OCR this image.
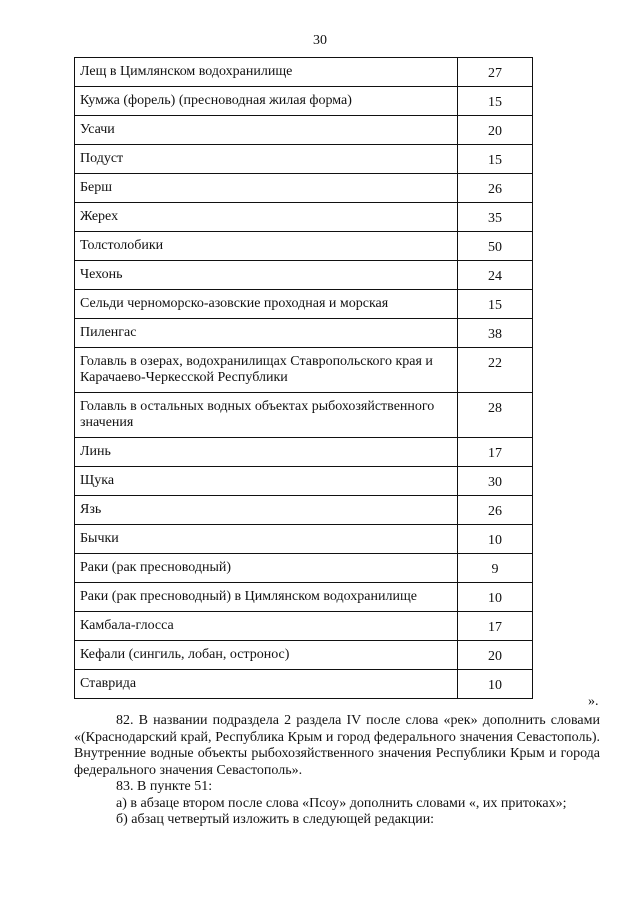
30
Лещ в Цимлянском водохранилище	27
Кумжа (форель) (пресноводная жилая форма)	15
Усачи	20
Подуст	15
Берш	26
Жерех	35
Толстолобики	50
Чехонь	24
Сельди черноморско-азовские проходная и морская	15
Пиленгас	38
Голавль в озерах, водохранилищах Ставропольского края и Карачаево-Черкесской Республики	22
Голавль в остальных водных объектах рыбохозяйственного значения	28
Линь	17
Щука	30
Язь	26
Бычки	10
Раки (рак пресноводный)	9
Раки (рак пресноводный) в Цимлянском водохранилище	10
Камбала-глосса	17
Кефали (сингиль, лобан, остронос)	20
Ставрида	10
».

82. В названии подраздела 2 раздела IV после слова «рек» дополнить словами «(Краснодарский край, Республика Крым и город федерального значения Севастополь). Внутренние водные объекты рыбохозяйственного значения Республики Крым и города федерального значения Севастополь».

83. В пункте 51:

а) в абзаце втором после слова «Псоу» дополнить словами «, их притоках»;

б) абзац четвертый изложить в следующей редакции:
